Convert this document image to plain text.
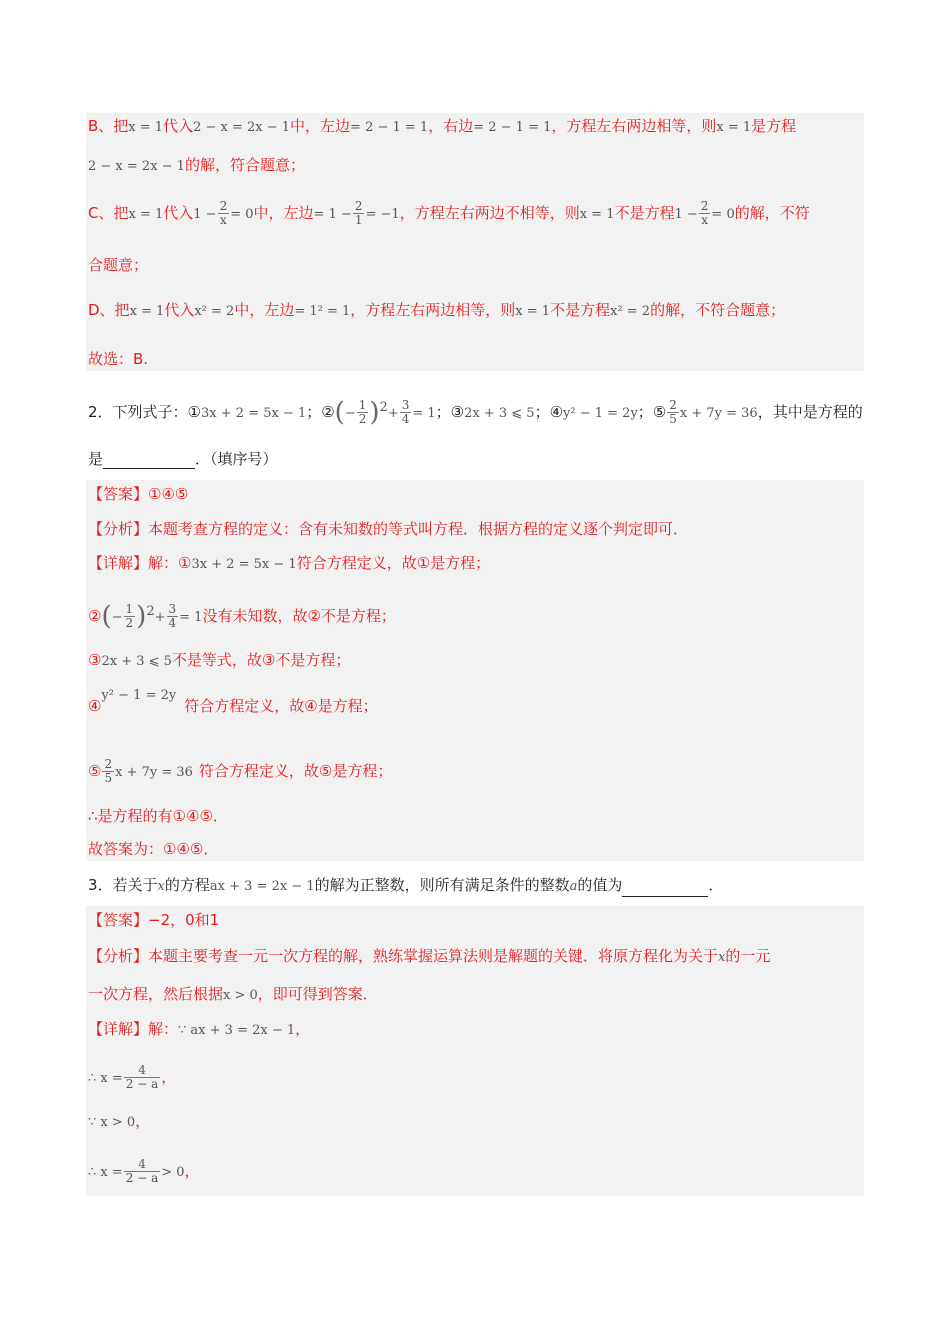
B、把x = 1代入2 − x = 2x − 1中，左边= 2 − 1 = 1，右边= 2 − 1 = 1，方程左右两边相等，则x = 1是方程
2 − x = 2x − 1的解，符合题意；
C、把x = 1代入$1 - \frac{2}{x} = 0$中，左边= $1 - \frac{2}{1} = -1$，方程左右两边不相等，则x = 1不是方程$1 - \frac{2}{x} = 0$的解，不符
合题意；
D、把x = 1代入x² = 2中，左边= 1² = 1，方程左右两边相等，则x = 1不是方程x² = 2的解，不符合题意；
故选：B.
2．下列式子：①3x + 2 = 5x − 1；②(− $\frac{1}{2} )^2+ \frac{3}{4} = 1$；③2x + 3 ⩽ 5；④y² − 1 = 2y；⑤ $\frac{2}{5}$ x + 7y = 36，其中是方程的
是	．（填序号）
【答案】①④⑤
【分析】本题考查方程的定义：含有未知数的等式叫方程．根据方程的定义逐个判定即可．
【详解】解：①3x + 2 = 5x − 1符合方程定义，故①是方程；
②(− $\frac{1}{2} )^2+ \frac{3}{4} = 1$没有未知数，故②不是方程；
③2x + 3 ⩽ 5不是等式，故③不是方程；
④y² − 1 = 2y符合方程定义，故④是方程；
⑤ $\frac{2}{5}$ x + 7y = 36 符合方程定义，故⑤是方程；
∴是方程的有①④⑤．
故答案为：①④⑤．
3．若关于x的方程ax + 3 = 2x − 1的解为正整数，则所有满足条件的整数a的值为	．
【答案】−2，0和1
【分析】本题主要考查一元一次方程的解，熟练掌握运算法则是解题的关键．将原方程化为关于x的一元
一次方程，然后根据x > 0，即可得到答案．
【详解】解：∵ ax + 3 = 2x − 1，
∴ $x = \frac{4}{2 - a}$ ，
∵ x > 0，
∴ $x = \frac{4}{2 - a} > 0$，
